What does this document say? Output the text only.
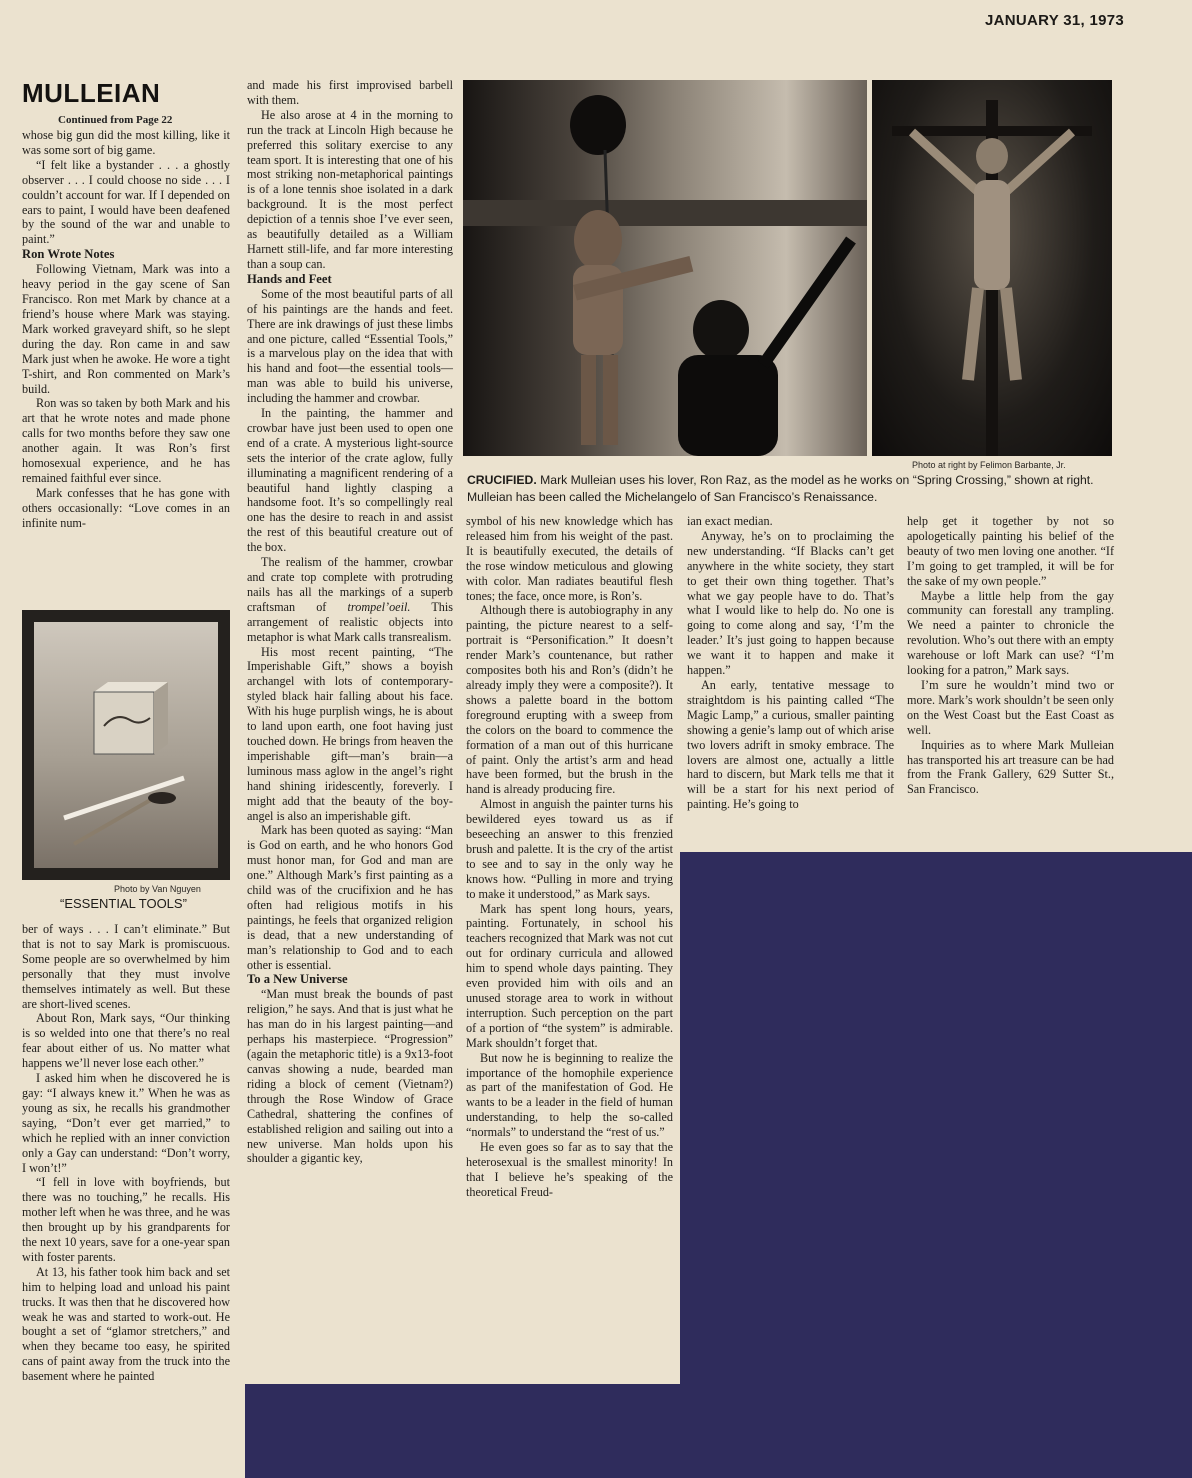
JANUARY 31, 1973
MULLEIAN
Continued from Page 22

whose big gun did the most killing, like it was some sort of big game.

“I felt like a bystander . . . a ghostly observer . . . I could choose no side . . . I couldn’t account for war. If I depended on ears to paint, I would have been deafened by the sound of the war and unable to paint.”

Ron Wrote Notes

Following Vietnam, Mark was into a heavy period in the gay scene of San Francisco. Ron met Mark by chance at a friend’s house where Mark was staying. Mark worked graveyard shift, so he slept during the day. Ron came in and saw Mark just when he awoke. He wore a tight T-shirt, and Ron commented on Mark’s build.

Ron was so taken by both Mark and his art that he wrote notes and made phone calls for two months before they saw one another again. It was Ron’s first homosexual experience, and he has remained faithful ever since.

Mark confesses that he has gone with others occasionally: “Love comes in an infinite num-

Photo by Van Nguyen
“ESSENTIAL TOOLS”

ber of ways . . . I can’t eliminate.” But that is not to say Mark is promiscuous. Some people are so overwhelmed by him personally that they must involve themselves intimately as well. But these are short-lived scenes.

About Ron, Mark says, “Our thinking is so welded into one that there’s no real fear about either of us. No matter what happens we’ll never lose each other.”

I asked him when he discovered he is gay: “I always knew it.” When he was as young as six, he recalls his grandmother saying, “Don’t ever get married,” to which he replied with an inner conviction only a Gay can understand: “Don’t worry, I won’t!”

“I fell in love with boyfriends, but there was no touching,” he recalls. His mother left when he was three, and he was then brought up by his grandparents for the next 10 years, save for a one-year span with foster parents.

At 13, his father took him back and set him to helping load and unload his paint trucks. It was then that he discovered how weak he was and started to work-out. He bought a set of “glamor stretchers,” and when they became too easy, he spirited cans of paint away from the truck into the basement where he painted

and made his first improvised barbell with them.

He also arose at 4 in the morning to run the track at Lincoln High because he preferred this solitary exercise to any team sport. It is interesting that one of his most striking non-metaphorical paintings is of a lone tennis shoe isolated in a dark background. It is the most perfect depiction of a tennis shoe I’ve ever seen, as beautifully detailed as a William Harnett still-life, and far more interesting than a soup can.

Hands and Feet

Some of the most beautiful parts of all of his paintings are the hands and feet. There are ink drawings of just these limbs and one picture, called “Essential Tools,” is a marvelous play on the idea that with his hand and foot—the essential tools—man was able to build his universe, including the hammer and crowbar.

In the painting, the hammer and crowbar have just been used to open one end of a crate. A mysterious light-source sets the interior of the crate aglow, fully illuminating a magnificent rendering of a beautiful hand lightly clasping a handsome foot. It’s so compellingly real one has the desire to reach in and assist the rest of this beautiful creature out of the box.

The realism of the hammer, crowbar and crate top complete with protruding nails has all the markings of a superb craftsman of trompel’oeil. This arrangement of realistic objects into metaphor is what Mark calls transrealism.

His most recent painting, “The Imperishable Gift,” shows a boyish archangel with lots of contemporary-styled black hair falling about his face. With his huge purplish wings, he is about to land upon earth, one foot having just touched down. He brings from heaven the imperishable gift—man’s brain—a luminous mass aglow in the angel’s right hand shining iridescently, foreverly. I might add that the beauty of the boy-angel is also an imperishable gift.

Mark has been quoted as saying: “Man is God on earth, and he who honors God must honor man, for God and man are one.” Although Mark’s first painting as a child was of the crucifixion and he has often had religious motifs in his paintings, he feels that organized religion is dead, that a new understanding of man’s relationship to God and to each other is essential.

To a New Universe

“Man must break the bounds of past religion,” he says. And that is just what he has man do in his largest painting—and perhaps his masterpiece. “Progression” (again the metaphoric title) is a 9x13-foot canvas showing a nude, bearded man riding a block of cement (Vietnam?) through the Rose Window of Grace Cathedral, shattering the confines of established religion and sailing out into a new universe. Man holds upon his shoulder a gigantic key,

Photo at right by Felimon Barbante, Jr.
CRUCIFIED. Mark Mulleian uses his lover, Ron Raz, as the model as he works on “Spring Crossing,” shown at right. Mulleian has been called the Michelangelo of San Francisco’s Renaissance.

symbol of his new knowledge which has released him from his weight of the past. It is beautifully executed, the details of the rose window meticulous and glowing with color. Man radiates beautiful flesh tones; the face, once more, is Ron’s.

Although there is autobiography in any painting, the picture nearest to a self-portrait is “Personification.” It doesn’t render Mark’s countenance, but rather composites both his and Ron’s (didn’t he already imply they were a composite?). It shows a palette board in the bottom foreground erupting with a sweep from the colors on the board to commence the formation of a man out of this hurricane of paint. Only the artist’s arm and head have been formed, but the brush in the hand is already producing fire.

Almost in anguish the painter turns his bewildered eyes toward us as if beseeching an answer to this frenzied brush and palette. It is the cry of the artist to see and to say in the only way he knows how. “Pulling in more and trying to make it understood,” as Mark says.

Mark has spent long hours, years, painting. Fortunately, in school his teachers recognized that Mark was not cut out for ordinary curricula and allowed him to spend whole days painting. They even provided him with oils and an unused storage area to work in without interruption. Such perception on the part of a portion of “the system” is admirable. Mark shouldn’t forget that.

But now he is beginning to realize the importance of the homophile experience as part of the manifestation of God. He wants to be a leader in the field of human understanding, to help the so-called “normals” to understand the “rest of us.”

He even goes so far as to say that the heterosexual is the smallest minority! In that I believe he’s speaking of the theoretical Freud-

ian exact median.

Anyway, he’s on to proclaiming the new understanding. “If Blacks can’t get anywhere in the white society, they start to get their own thing together. That’s what we gay people have to do. That’s what I would like to help do. No one is going to come along and say, ‘I’m the leader.’ It’s just going to happen because we want it to happen and make it happen.”

An early, tentative message to straightdom is his painting called “The Magic Lamp,” a curious, smaller painting showing a genie’s lamp out of which arise two lovers adrift in smoky embrace. The lovers are almost one, actually a little hard to discern, but Mark tells me that it will be a start for his next period of painting. He’s going to

help get it together by not so apologetically painting his belief of the beauty of two men loving one another. “If I’m going to get trampled, it will be for the sake of my own people.”

Maybe a little help from the gay community can forestall any trampling. We need a painter to chronicle the revolution. Who’s out there with an empty warehouse or loft Mark can use? “I’m looking for a patron,” Mark says.

I’m sure he wouldn’t mind two or more. Mark’s work shouldn’t be seen only on the West Coast but the East Coast as well.

Inquiries as to where Mark Mulleian has transported his art treasure can be had from the Frank Gallery, 629 Sutter St., San Francisco.
